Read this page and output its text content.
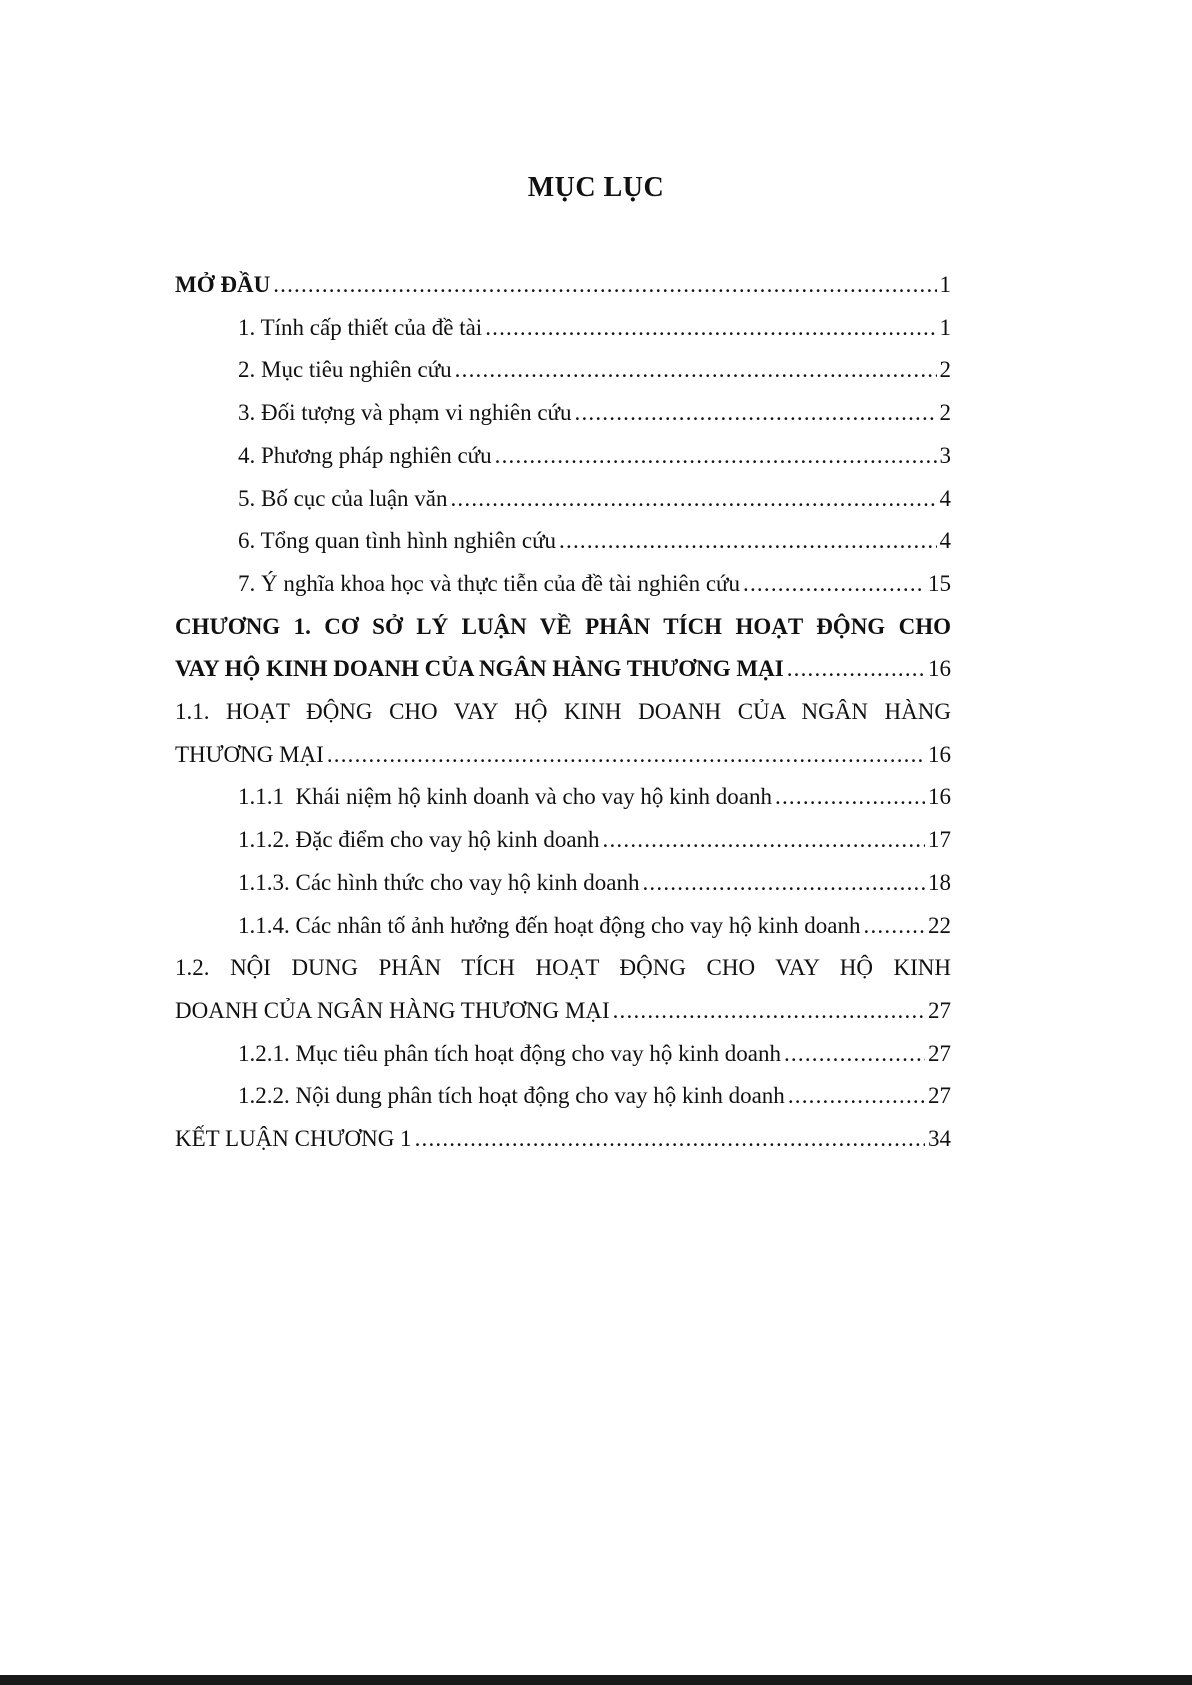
MỤC LỤC
MỞ ĐẦU .....	1
1. Tính cấp thiết của đề tài .....	1
2. Mục tiêu nghiên cứu .....	2
3. Đối tượng và phạm vi nghiên cứu .....	2
4. Phương pháp nghiên cứu .....	3
5. Bố cục của luận văn .....	4
6. Tổng quan tình hình nghiên cứu .....	4
7. Ý nghĩa khoa học và thực tiễn của đề tài nghiên cứu .....	15
CHƯƠNG 1. CƠ SỞ LÝ LUẬN VỀ PHÂN TÍCH HOẠT ĐỘNG CHO
VAY HỘ KINH DOANH CỦA NGÂN HÀNG THƯƠNG MẠI .....	16
1.1. HOẠT ĐỘNG CHO VAY HỘ KINH DOANH CỦA NGÂN HÀNG
THƯƠNG MẠI .....	16
1.1.1  Khái niệm hộ kinh doanh và cho vay hộ kinh doanh .....	16
1.1.2. Đặc điểm cho vay hộ kinh doanh .....	17
1.1.3. Các hình thức cho vay hộ kinh doanh .....	18
1.1.4. Các nhân tố ảnh hưởng đến hoạt động cho vay hộ kinh doanh .....	22
1.2. NỘI DUNG PHÂN TÍCH HOẠT ĐỘNG CHO VAY HỘ KINH
DOANH CỦA NGÂN HÀNG THƯƠNG MẠI .....	27
1.2.1. Mục tiêu phân tích hoạt động cho vay hộ kinh doanh .....	27
1.2.2. Nội dung phân tích hoạt động cho vay hộ kinh doanh .....	27
KẾT LUẬN CHƯƠNG 1 .....	34
